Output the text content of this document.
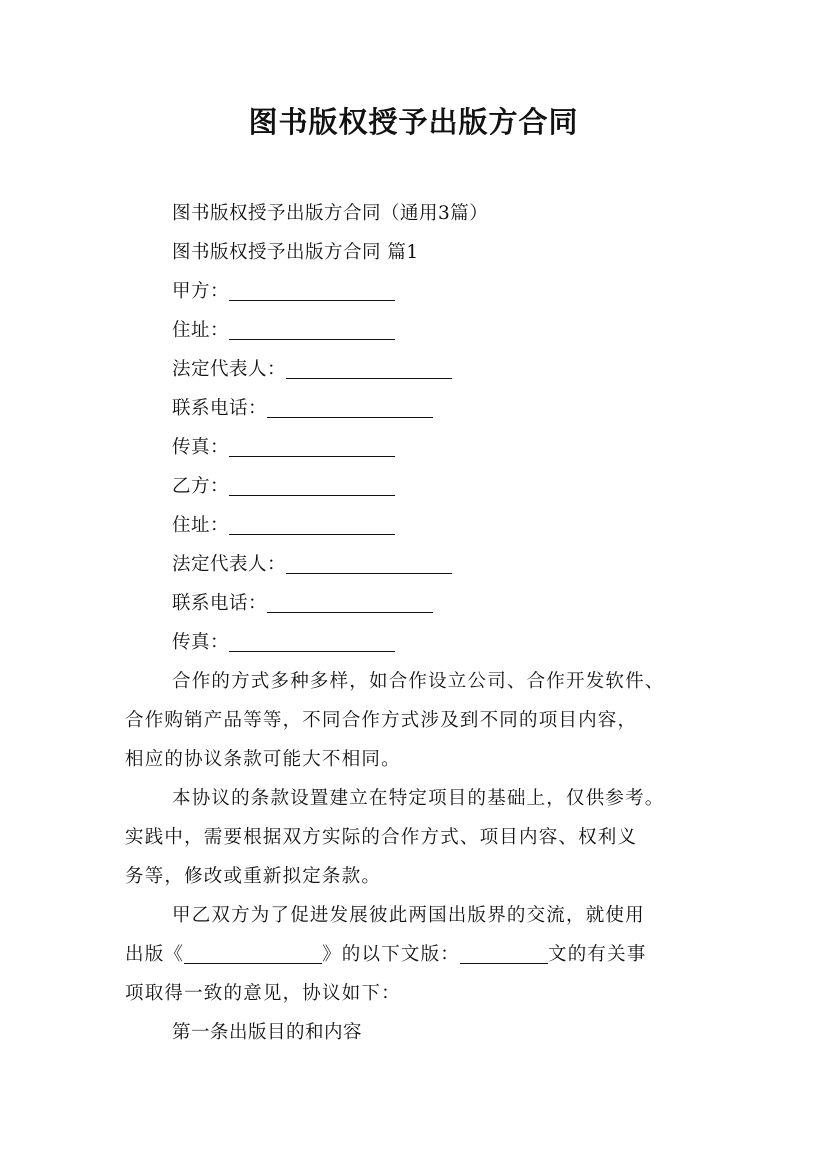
图书版权授予出版方合同

图书版权授予出版方合同（通用3篇）

图书版权授予出版方合同 篇1

甲方：

住址：

法定代表人：

联系电话：

传真：

乙方：

住址：

法定代表人：

联系电话：

传真：

合作的方式多种多样，如合作设立公司、合作开发软件、

合作购销产品等等，不同合作方式涉及到不同的项目内容，

相应的协议条款可能大不相同。

本协议的条款设置建立在特定项目的基础上，仅供参考。

实践中，需要根据双方实际的合作方式、项目内容、权利义

务等，修改或重新拟定条款。

甲乙双方为了促进发展彼此两国出版界的交流，就使用

出版《	》的以下文版：	文的有关事

项取得一致的意见，协议如下：

第一条出版目的和内容
